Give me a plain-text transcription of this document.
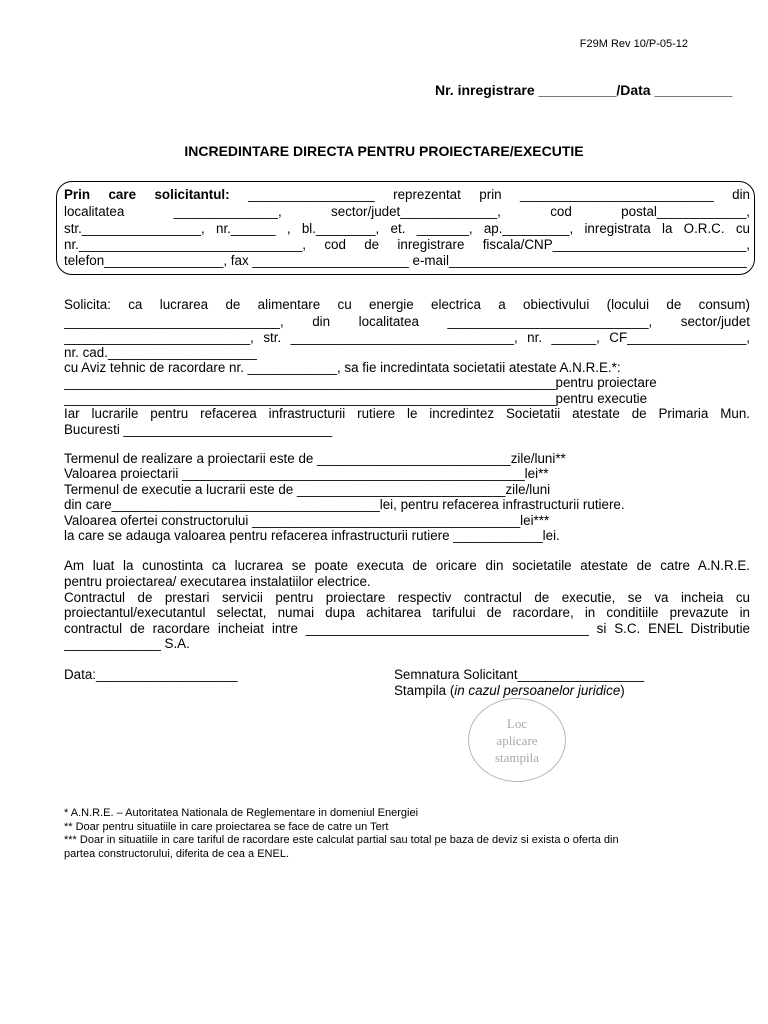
F29M Rev 10/P-05-12
Nr. inregistrare __________/Data __________
INCREDINTARE DIRECTA PENTRU PROIECTARE/EXECUTIE
Prin care solicitantul: _________________ reprezentat prin __________________________ din
localitatea ______________, sector/judet_____________, cod postal____________,
str.________________, nr.______ , bl.________, et. _______, ap._________, inregistrata la O.R.C. cu
nr.______________________________, cod de inregistrare fiscala/CNP__________________________,
telefon________________, fax _____________________ e-mail________________________________________
Solicita: ca lucrarea de alimentare cu energie electrica a obiectivului (locului de consum)
_____________________________, din localitatea ___________________________, sector/judet
_________________________, str. ______________________________, nr. ______, CF________________,
nr. cad.____________________
cu Aviz tehnic de racordare nr. ____________, sa fie incredintata societatii atestate A.N.R.E.*:
__________________________________________________________________pentru proiectare
__________________________________________________________________pentru executie
Iar lucrarile pentru refacerea infrastructurii rutiere le incredintez Societatii atestate de Primaria Mun.
Bucuresti ____________________________
Termenul de realizare a proiectarii este de __________________________zile/luni**
Valoarea proiectarii ______________________________________________lei**
Termenul de executie a lucrarii este de ____________________________zile/luni
din care____________________________________lei, pentru refacerea infrastructurii rutiere.
Valoarea ofertei constructorului ____________________________________lei***
la care se adauga valoarea pentru refacerea infrastructurii rutiere ____________lei.
Am luat la cunostinta ca lucrarea se poate executa de oricare din societatile atestate de catre A.N.R.E.
pentru proiectarea/ executarea instalatiilor electrice.
Contractul de prestari servicii pentru proiectare respectiv contractul de executie, se va incheia cu
proiectantul/executantul selectat, numai dupa achitarea tarifului de racordare, in conditiile prevazute in
contractul de racordare incheiat intre ______________________________________ si S.C. ENEL Distributie
_____________ S.A.
Data:___________________	Semnatura Solicitant_________________
Stampila (in cazul persoanelor juridice)
Loc
aplicare
stampila
* A.N.R.E. – Autoritatea Nationala de Reglementare in domeniul Energiei
** Doar pentru situatiile in care proiectarea se face de catre un Tert
*** Doar in situatiile in care tariful de racordare este calculat partial sau total pe baza de deviz si exista o oferta din
partea constructorului, diferita de cea a ENEL.
